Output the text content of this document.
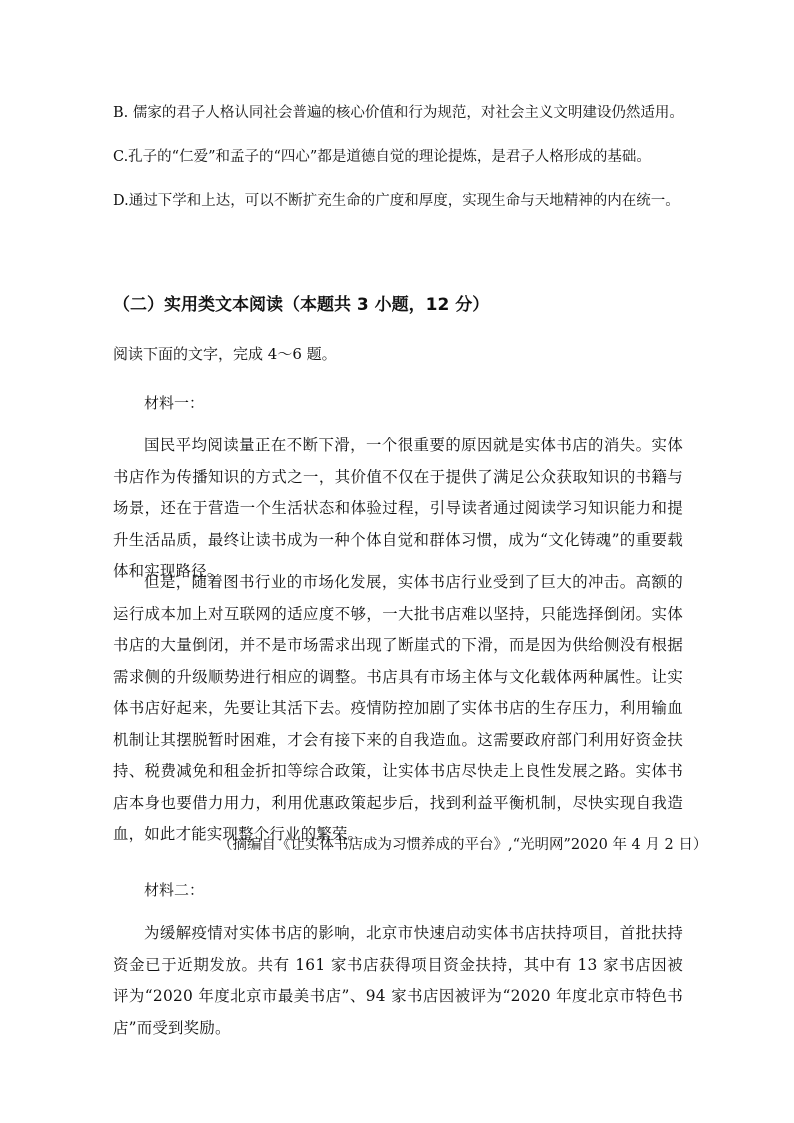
B. 儒家的君子人格认同社会普遍的核心价值和行为规范，对社会主义文明建设仍然适用。
C.孔子的“仁爱”和孟子的“四心”都是道德自觉的理论提炼，是君子人格形成的基础。
D.通过下学和上达，可以不断扩充生命的广度和厚度，实现生命与天地精神的内在统一。
（二）实用类文本阅读（本题共 3 小题，12 分）
阅读下面的文字，完成 4～6 题。
材料一：
国民平均阅读量正在不断下滑，一个很重要的原因就是实体书店的消失。实体书店作为传播知识的方式之一，其价值不仅在于提供了满足公众获取知识的书籍与场景，还在于营造一个生活状态和体验过程，引导读者通过阅读学习知识能力和提升生活品质，最终让读书成为一种个体自觉和群体习惯，成为“文化铸魂”的重要载体和实现路径。
但是，随着图书行业的市场化发展，实体书店行业受到了巨大的冲击。高额的运行成本加上对互联网的适应度不够，一大批书店难以坚持，只能选择倒闭。实体书店的大量倒闭，并不是市场需求出现了断崖式的下滑，而是因为供给侧没有根据需求侧的升级顺势进行相应的调整。书店具有市场主体与文化载体两种属性。让实体书店好起来，先要让其活下去。疫情防控加剧了实体书店的生存压力，利用输血机制让其摆脱暂时困难，才会有接下来的自我造血。这需要政府部门利用好资金扶持、税费减免和租金折扣等综合政策，让实体书店尽快走上良性发展之路。实体书店本身也要借力用力，利用优惠政策起步后，找到利益平衡机制，尽快实现自我造血，如此才能实现整个行业的繁荣。
（摘编自《让实体书店成为习惯养成的平台》,“光明网”2020 年 4 月 2 日）
材料二：
为缓解疫情对实体书店的影响，北京市快速启动实体书店扶持项目，首批扶持资金已于近期发放。共有 161 家书店获得项目资金扶持，其中有 13 家书店因被评为“2020 年度北京市最美书店”、94 家书店因被评为“2020 年度北京市特色书店”而受到奖励。
